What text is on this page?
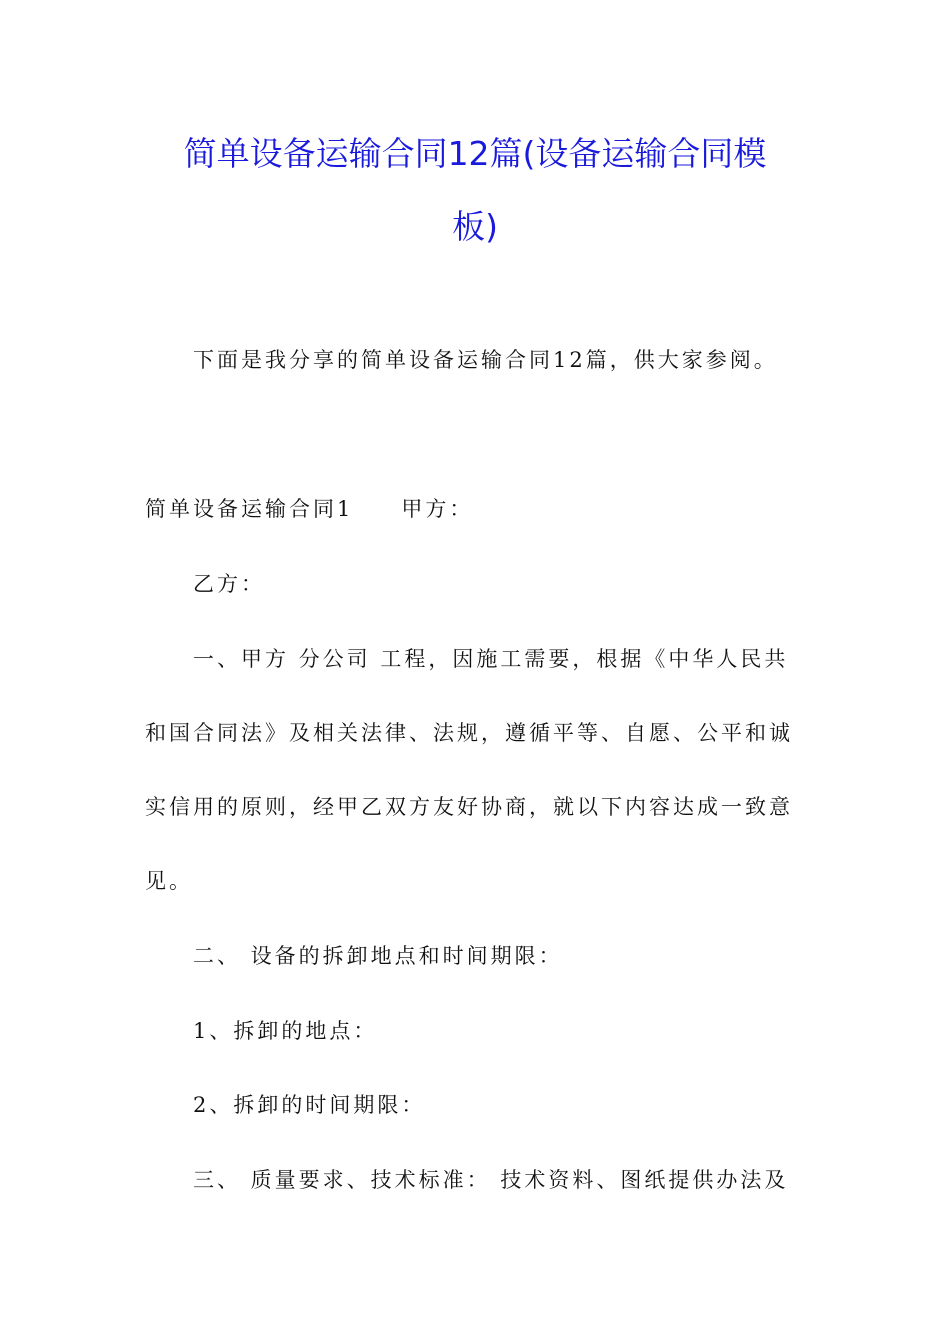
简单设备运输合同12篇(设备运输合同模
板)
下面是我分享的简单设备运输合同12篇，供大家参阅。
简单设备运输合同1 甲方：
乙方：
一、甲方 分公司 工程，因施工需要，根据《中华人民共
和国合同法》及相关法律、法规，遵循平等、自愿、公平和诚
实信用的原则，经甲乙双方友好协商，就以下内容达成一致意
见。
二、 设备的拆卸地点和时间期限：
1、拆卸的地点：
2、拆卸的时间期限：
三、 质量要求、技术标准： 技术资料、图纸提供办法及
